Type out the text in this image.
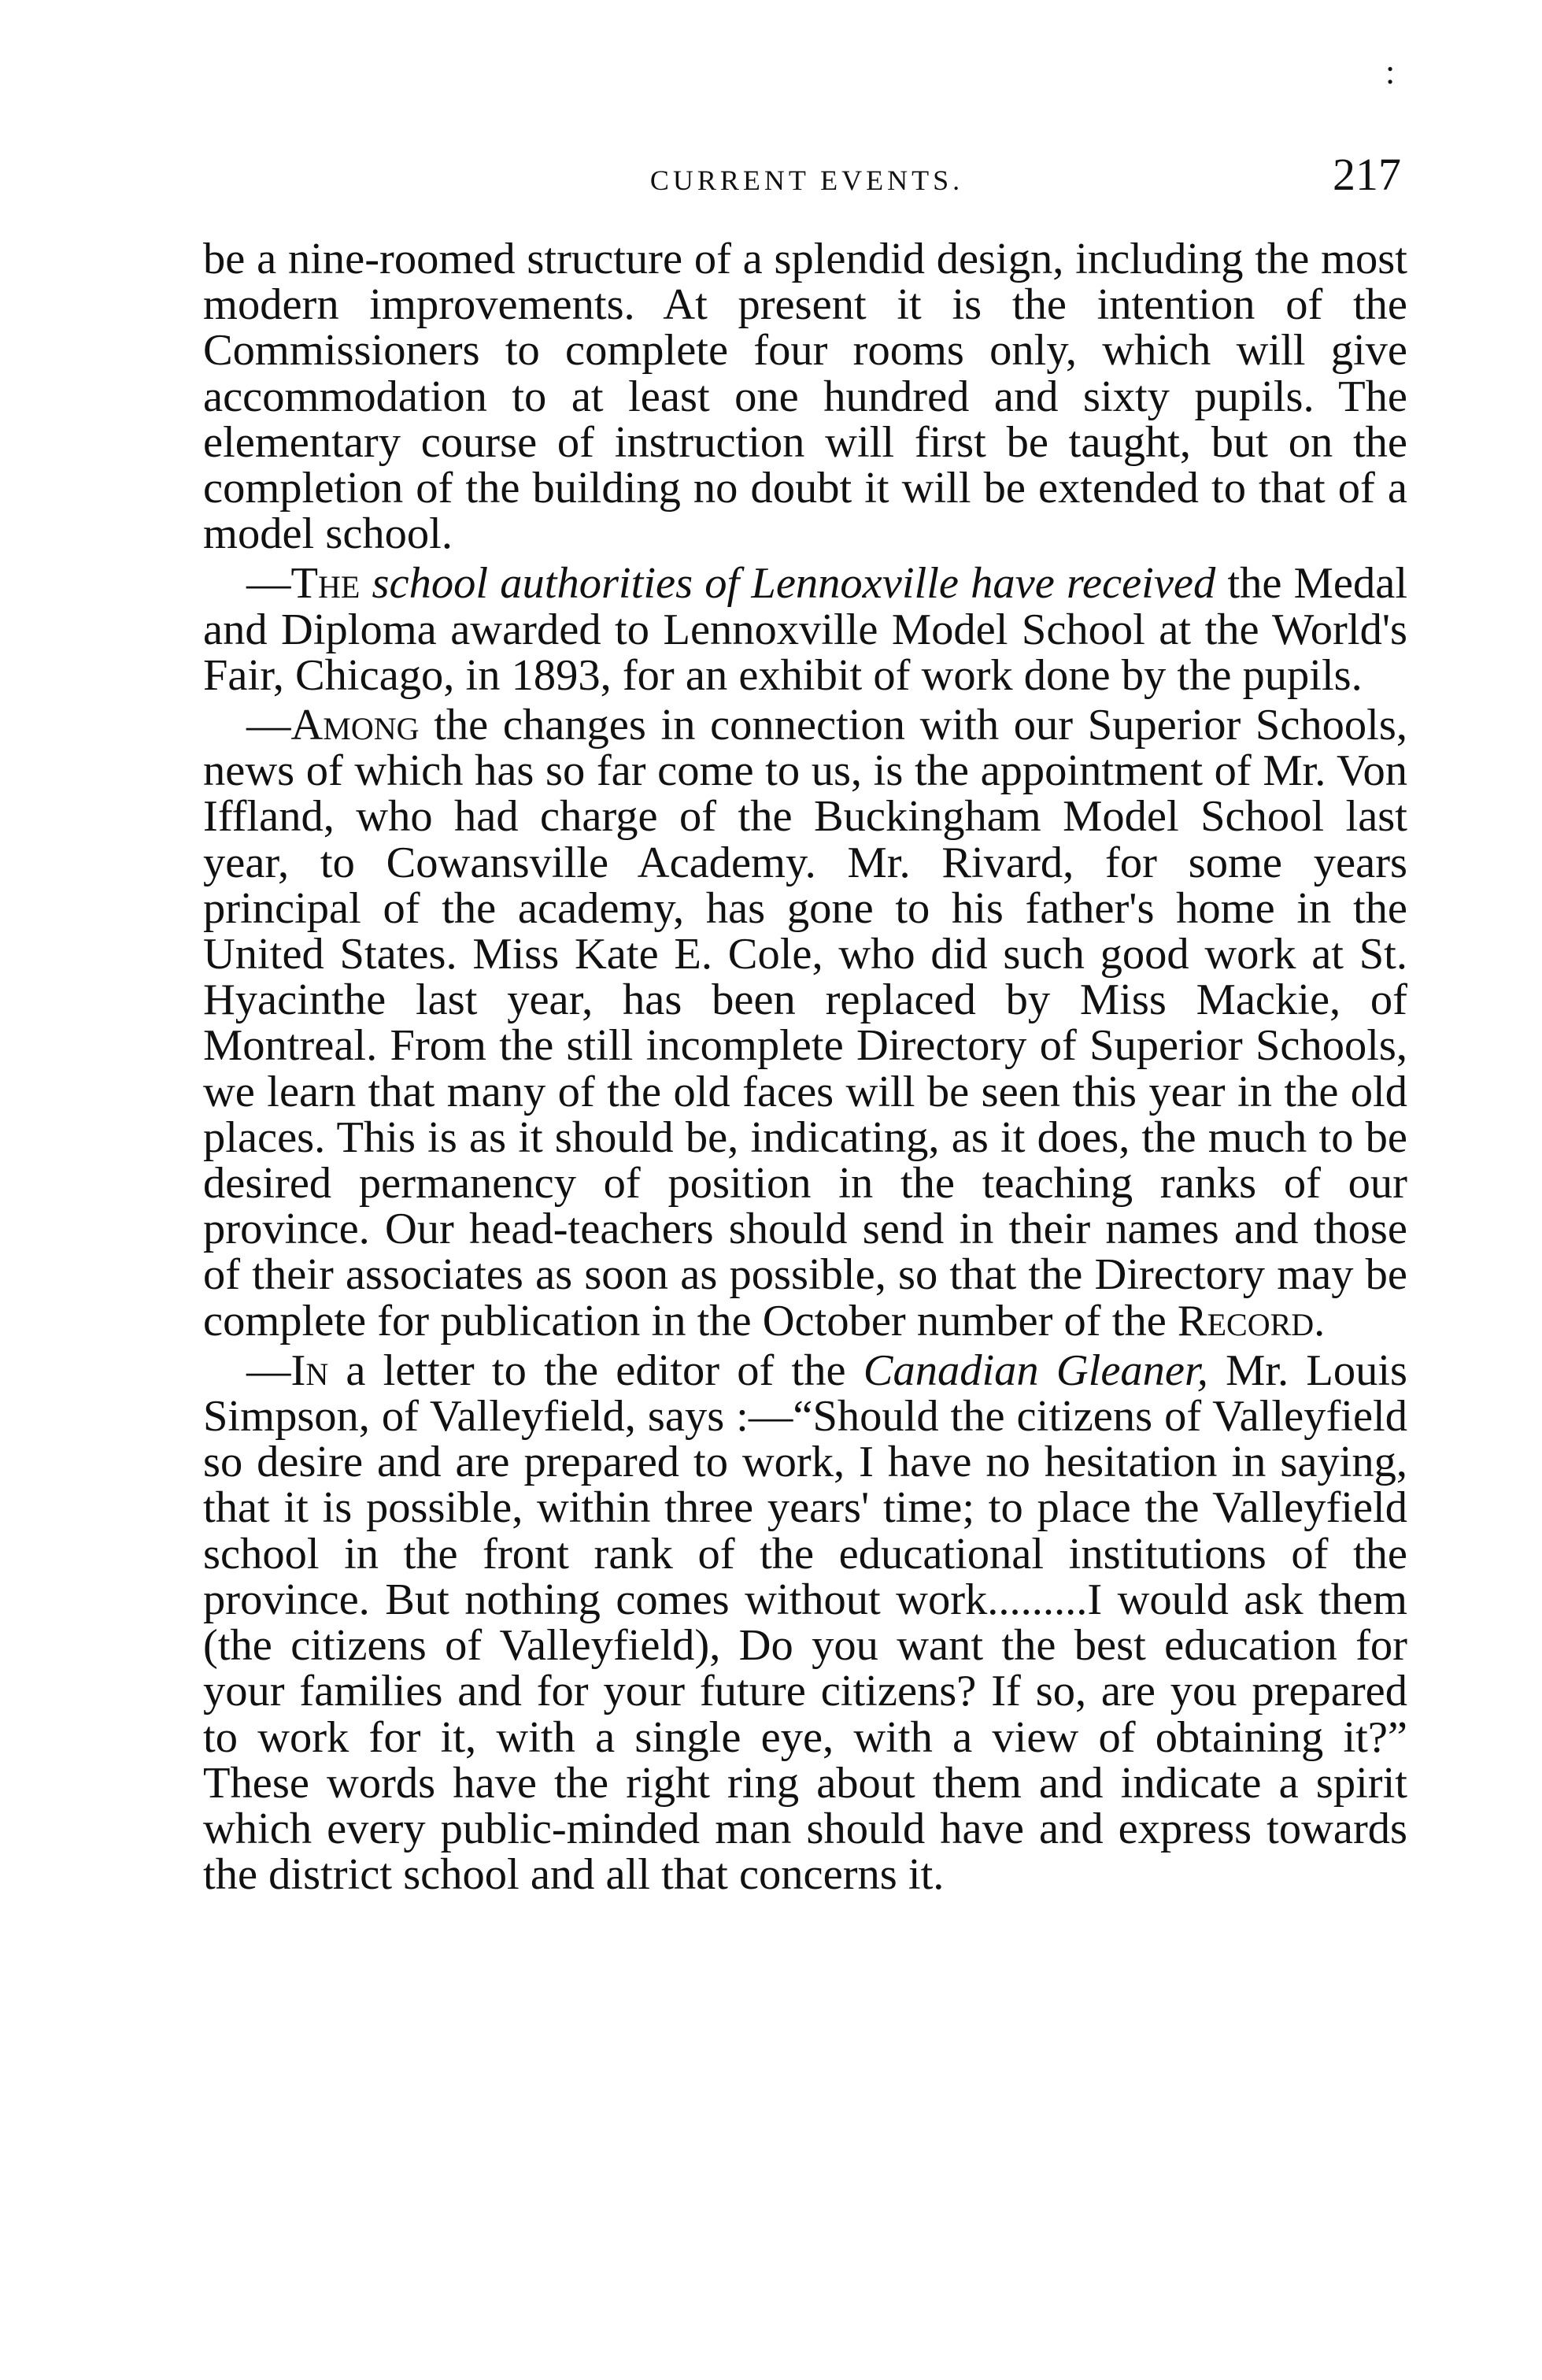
:
CURRENT EVENTS.	217

be a nine-roomed structure of a splendid design, including the most modern improvements. At present it is the intention of the Commissioners to complete four rooms only, which will give accommodation to at least one hundred and sixty pupils. The elementary course of instruction will first be taught, but on the completion of the building no doubt it will be extended to that of a model school.

—The school authorities of Lennoxville have received the Medal and Diploma awarded to Lennoxville Model School at the World's Fair, Chicago, in 1893, for an exhibit of work done by the pupils.

—Among the changes in connection with our Superior Schools, news of which has so far come to us, is the appointment of Mr. Von Iffland, who had charge of the Buckingham Model School last year, to Cowansville Academy. Mr. Rivard, for some years principal of the academy, has gone to his father's home in the United States. Miss Kate E. Cole, who did such good work at St. Hyacinthe last year, has been replaced by Miss Mackie, of Montreal. From the still incomplete Directory of Superior Schools, we learn that many of the old faces will be seen this year in the old places. This is as it should be, indicating, as it does, the much to be desired permanency of position in the teaching ranks of our province. Our head-teachers should send in their names and those of their associates as soon as possible, so that the Directory may be complete for publication in the October number of the Record.

—In a letter to the editor of the Canadian Gleaner, Mr. Louis Simpson, of Valleyfield, says :—“Should the citizens of Valleyfield so desire and are prepared to work, I have no hesitation in saying, that it is possible, within three years' time; to place the Valleyfield school in the front rank of the educational institutions of the province. But nothing comes without work.........I would ask them (the citizens of Valleyfield), Do you want the best education for your families and for your future citizens? If so, are you prepared to work for it, with a single eye, with a view of obtaining it?” These words have the right ring about them and indicate a spirit which every public-minded man should have and express towards the district school and all that concerns it.
